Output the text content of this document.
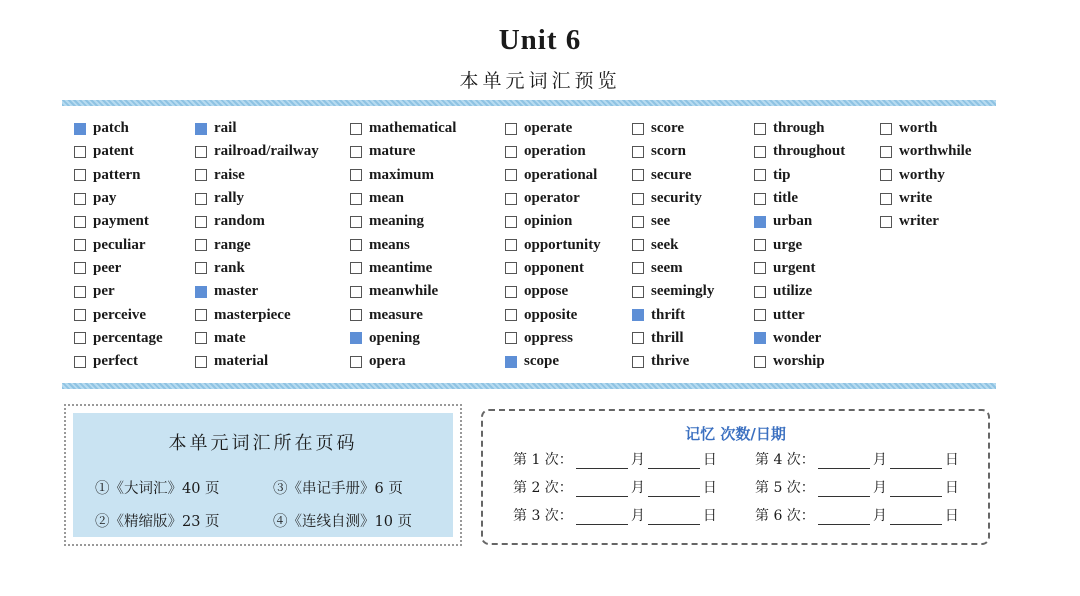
Unit 6
本单元词汇预览
patch
patent
pattern
pay
payment
peculiar
peer
per
perceive
percentage
perfect
rail
railroad/railway
raise
rally
random
range
rank
master
masterpiece
mate
material
mathematical
mature
maximum
mean
meaning
means
meantime
meanwhile
measure
opening
opera
operate
operation
operational
operator
opinion
opportunity
opponent
oppose
opposite
oppress
scope
score
scorn
secure
security
see
seek
seem
seemingly
thrift
thrill
thrive
through
throughout
tip
title
urban
urge
urgent
utilize
utter
wonder
worship
worth
worthwhile
worthy
write
writer
本单元词汇所在页码
①《大词汇》40 页	③《串记手册》6 页
②《精缩版》23 页	④《连线自测》10 页
记忆 次数/日期
第 1 次：	月	日
第 2 次：	月	日
第 3 次：	月	日
第 4 次：	月	日
第 5 次：	月	日
第 6 次：	月	日
